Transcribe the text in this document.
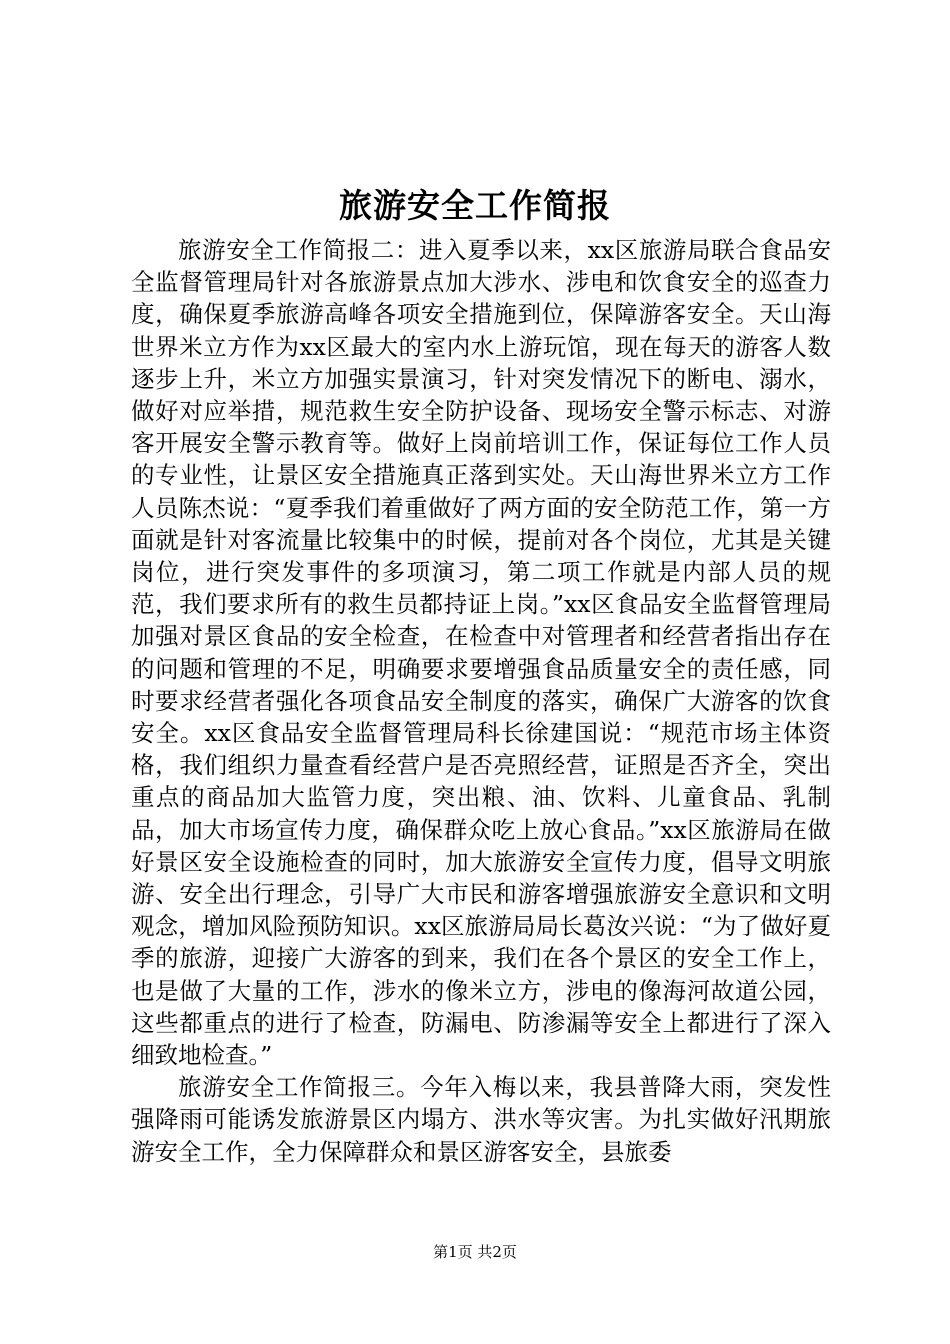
旅游安全工作简报

旅游安全工作简报二：进入夏季以来，xx区旅游局联合食品安全监督管理局针对各旅游景点加大涉水、涉电和饮食安全的巡查力度，确保夏季旅游高峰各项安全措施到位，保障游客安全。天山海世界米立方作为xx区最大的室内水上游玩馆，现在每天的游客人数逐步上升，米立方加强实景演习，针对突发情况下的断电、溺水，做好对应举措，规范救生安全防护设备、现场安全警示标志、对游客开展安全警示教育等。做好上岗前培训工作，保证每位工作人员的专业性，让景区安全措施真正落到实处。天山海世界米立方工作人员陈杰说：“夏季我们着重做好了两方面的安全防范工作，第一方面就是针对客流量比较集中的时候，提前对各个岗位，尤其是关键岗位，进行突发事件的多项演习，第二项工作就是内部人员的规范，我们要求所有的救生员都持证上岗。”xx区食品安全监督管理局加强对景区食品的安全检查，在检查中对管理者和经营者指出存在的问题和管理的不足，明确要求要增强食品质量安全的责任感，同时要求经营者强化各项食品安全制度的落实，确保广大游客的饮食安全。xx区食品安全监督管理局科长徐建国说：“规范市场主体资格，我们组织力量查看经营户是否亮照经营，证照是否齐全，突出重点的商品加大监管力度，突出粮、油、饮料、儿童食品、乳制品，加大市场宣传力度，确保群众吃上放心食品。”xx区旅游局在做好景区安全设施检查的同时，加大旅游安全宣传力度，倡导文明旅游、安全出行理念，引导广大市民和游客增强旅游安全意识和文明观念，增加风险预防知识。xx区旅游局局长葛汝兴说：“为了做好夏季的旅游，迎接广大游客的到来，我们在各个景区的安全工作上，也是做了大量的工作，涉水的像米立方，涉电的像海河故道公园，这些都重点的进行了检查，防漏电、防渗漏等安全上都进行了深入细致地检查。”

旅游安全工作简报三。今年入梅以来，我县普降大雨，突发性强降雨可能诱发旅游景区内塌方、洪水等灾害。为扎实做好汛期旅游安全工作，全力保障群众和景区游客安全，县旅委

第1页 共2页
